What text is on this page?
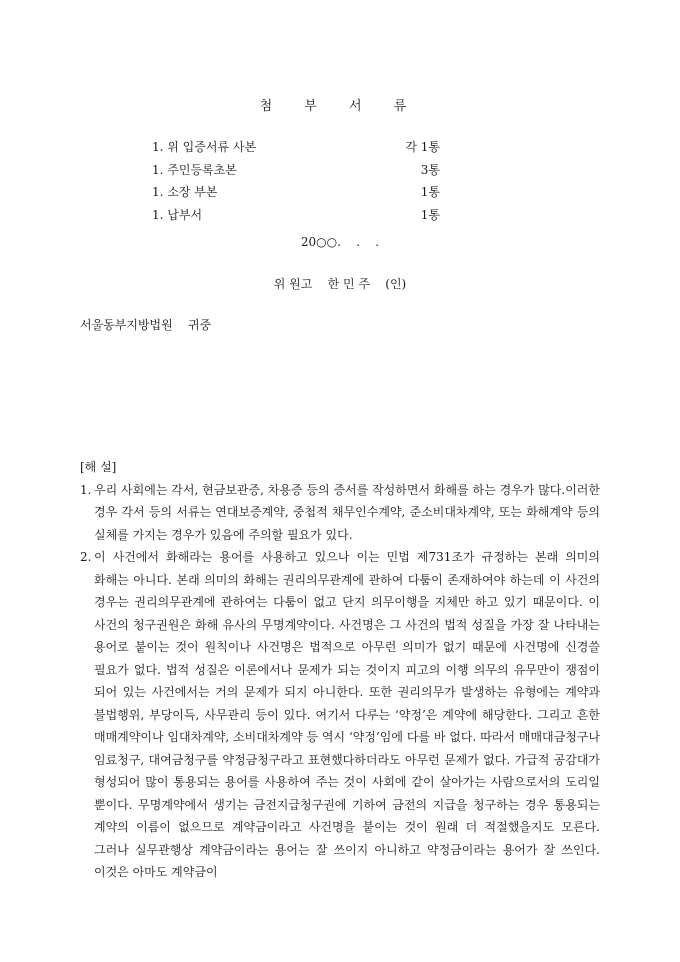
첨 부 서 류
1. 위 입증서류 사본	각 1통
1. 주민등록초본	3통
1. 소장 부본	1통
1. 납부서	1통
20○○.    .    .
위 원고    한 민 주    (인)
서울동부지방법원    귀중
[해 설]
1. 우리 사회에는 각서, 현금보관증, 차용증 등의 증서를 작성하면서 화해를 하는 경우가 많다.이러한 경우 각서 등의 서류는 연대보증계약, 중첩적 채무인수계약, 준소비대차계약, 또는 화해계약 등의 실체를 가지는 경우가 있음에 주의할 필요가 있다.
2. 이 사건에서 화해라는 용어를 사용하고 있으나 이는 민법 제731조가 규정하는 본래 의미의 화해는 아니다. 본래 의미의 화해는 권리의무관계에 관하여 다툼이 존재하여야 하는데 이 사건의 경우는 권리의무관계에 관하여는 다툼이 없고 단지 의무이행을 지체만 하고 있기 때문이다. 이 사건의 청구권원은 화해 유사의 무명계약이다. 사건명은 그 사건의 법적 성질을 가장 잘 나타내는 용어로 붙이는 것이 원칙이나 사건명은 법적으로 아무런 의미가 없기 때문에 사건명에 신경쓸 필요가 없다. 법적 성질은 이론에서나 문제가 되는 것이지 피고의 이행 의무의 유무만이 쟁점이 되어 있는 사건에서는 거의 문제가 되지 아니한다. 또한 권리의무가 발생하는 유형에는 계약과 불법행위, 부당이득, 사무관리 등이 있다. 여기서 다루는 ‘약정’은 계약에 해당한다. 그리고 흔한 매매계약이나 임대차계약, 소비대차계약 등 역시 ‘약정’임에 다를 바 없다. 따라서 매매대금청구나 임료청구, 대여금청구를 약정금청구라고 표현했다하더라도 아무런 문제가 없다. 가급적 공감대가 형성되어 많이 통용되는 용어를 사용하여 주는 것이 사회에 같이 살아가는 사람으로서의 도리일 뿐이다. 무명계약에서 생기는 금전지급청구권에 기하여 금전의 지급을 청구하는 경우 통용되는 계약의 이름이 없으므로 계약금이라고 사건명을 붙이는 것이 원래 더 적절했을지도 모른다. 그러나 실무관행상 계약금이라는 용어는 잘 쓰이지 아니하고 약정금이라는 용어가 잘 쓰인다. 이것은 아마도 계약금이
